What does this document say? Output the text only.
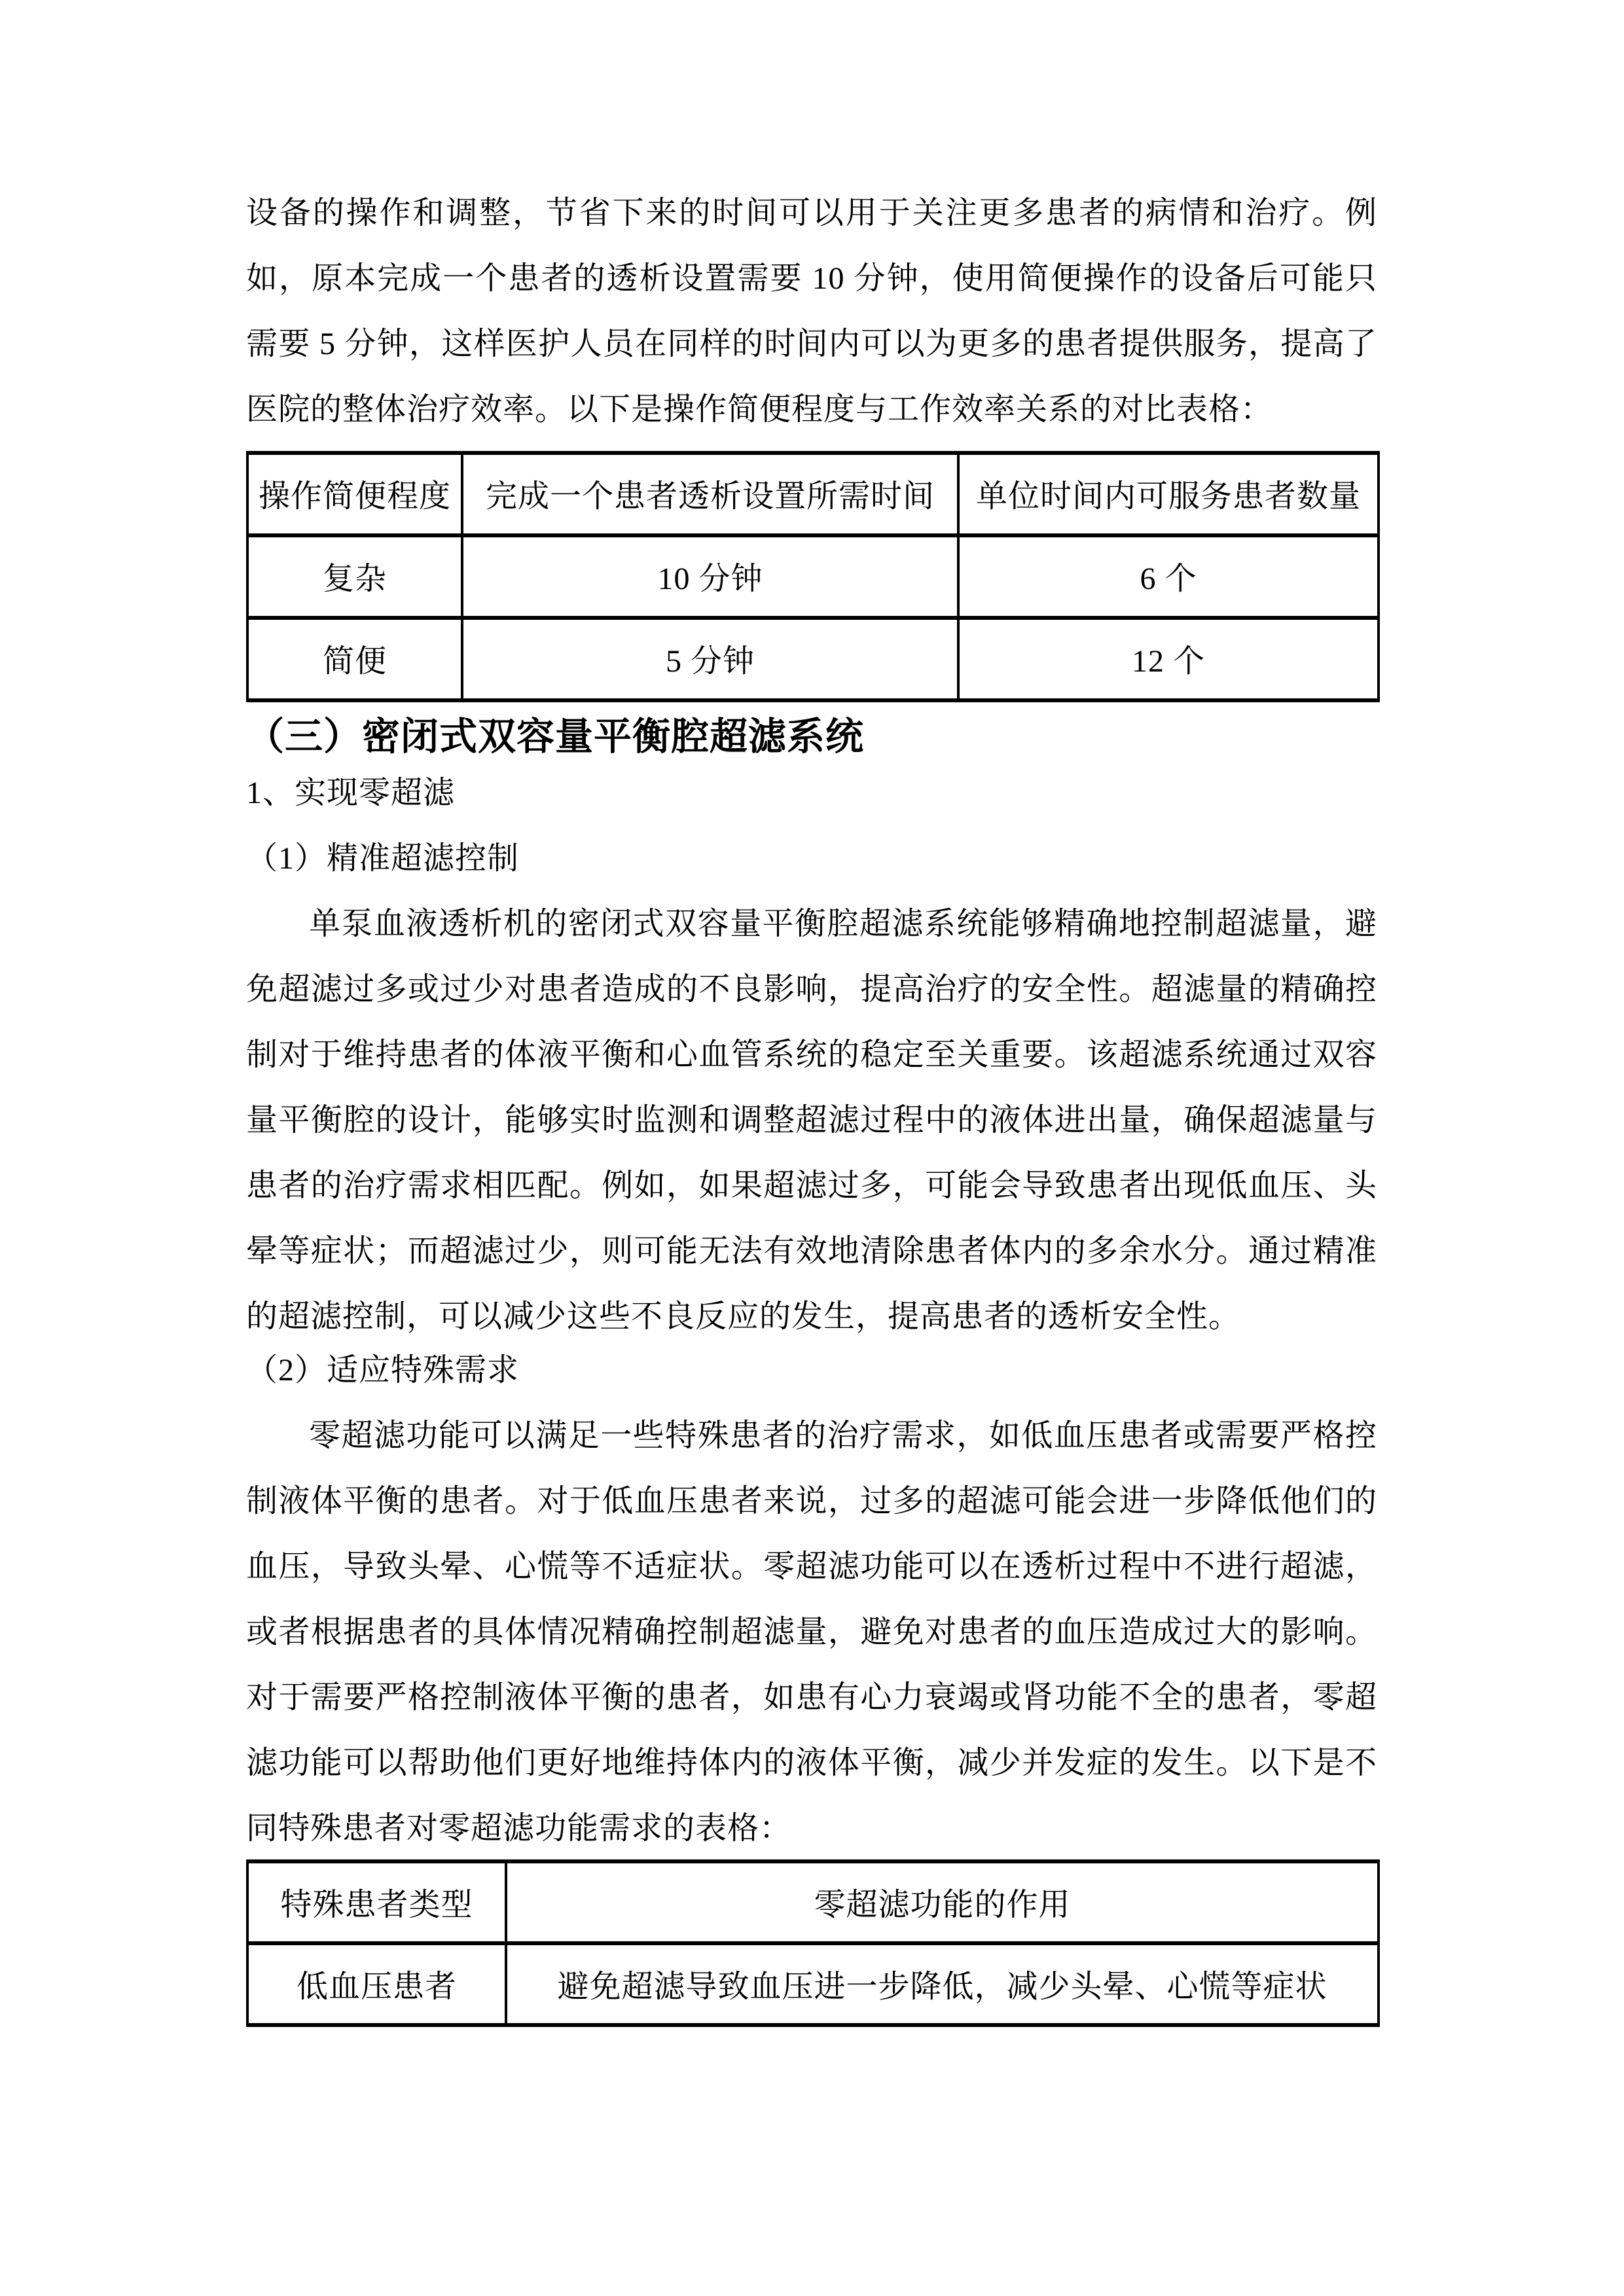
设备的操作和调整，节省下来的时间可以用于关注更多患者的病情和治疗。例如，原本完成一个患者的透析设置需要 10 分钟，使用简便操作的设备后可能只需要 5 分钟，这样医护人员在同样的时间内可以为更多的患者提供服务，提高了医院的整体治疗效率。以下是操作简便程度与工作效率关系的对比表格：

操作简便程度	完成一个患者透析设置所需时间	单位时间内可服务患者数量
复杂	10 分钟	6 个
简便	5 分钟	12 个
（三）密闭式双容量平衡腔超滤系统

1、实现零超滤

（1）精准超滤控制

单泵血液透析机的密闭式双容量平衡腔超滤系统能够精确地控制超滤量，避免超滤过多或过少对患者造成的不良影响，提高治疗的安全性。超滤量的精确控制对于维持患者的体液平衡和心血管系统的稳定至关重要。该超滤系统通过双容量平衡腔的设计，能够实时监测和调整超滤过程中的液体进出量，确保超滤量与患者的治疗需求相匹配。例如，如果超滤过多，可能会导致患者出现低血压、头晕等症状；而超滤过少，则可能无法有效地清除患者体内的多余水分。通过精准的超滤控制，可以减少这些不良反应的发生，提高患者的透析安全性。

（2）适应特殊需求

零超滤功能可以满足一些特殊患者的治疗需求，如低血压患者或需要严格控制液体平衡的患者。对于低血压患者来说，过多的超滤可能会进一步降低他们的血压，导致头晕、心慌等不适症状。零超滤功能可以在透析过程中不进行超滤，或者根据患者的具体情况精确控制超滤量，避免对患者的血压造成过大的影响。对于需要严格控制液体平衡的患者，如患有心力衰竭或肾功能不全的患者，零超滤功能可以帮助他们更好地维持体内的液体平衡，减少并发症的发生。以下是不同特殊患者对零超滤功能需求的表格：

特殊患者类型	零超滤功能的作用
低血压患者	避免超滤导致血压进一步降低，减少头晕、心慌等症状
